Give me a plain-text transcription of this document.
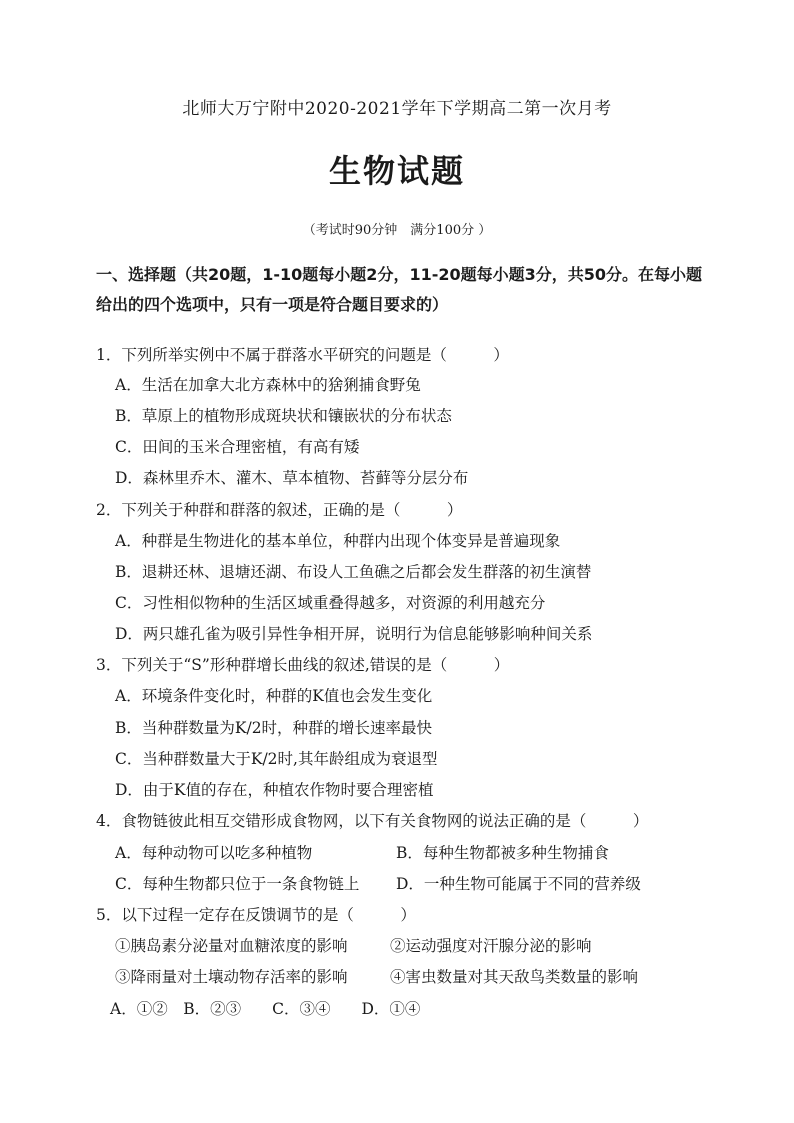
北师大万宁附中2020-2021学年下学期高二第一次月考
生物试题
（考试时90分钟　满分100分 ）
一、选择题（共20题，1-10题每小题2分，11-20题每小题3分，共50分。在每小题
给出的四个选项中，只有一项是符合题目要求的）
1．下列所举实例中不属于群落水平研究的问题是（　　　）
A．生活在加拿大北方森林中的猞猁捕食野兔
B．草原上的植物形成斑块状和镶嵌状的分布状态
C．田间的玉米合理密植，有高有矮
D．森林里乔木、灌木、草本植物、苔藓等分层分布
2．下列关于种群和群落的叙述，正确的是（　　　）
A．种群是生物进化的基本单位，种群内出现个体变异是普遍现象
B．退耕还林、退塘还湖、布设人工鱼礁之后都会发生群落的初生演替
C．习性相似物种的生活区域重叠得越多，对资源的利用越充分
D．两只雄孔雀为吸引异性争相开屏，说明行为信息能够影响种间关系
3．下列关于“S”形种群增长曲线的叙述,错误的是（　　　）
A．环境条件变化时，种群的K值也会发生变化
B．当种群数量为K/2时，种群的增长速率最快
C．当种群数量大于K/2时,其年龄组成为衰退型
D．由于K值的存在，种植农作物时要合理密植
4．食物链彼此相互交错形成食物网，以下有关食物网的说法正确的是（　　　）
A．每种动物可以吃多种植物	B．每种生物都被多种生物捕食
C．每种生物都只位于一条食物链上 D．一种生物可能属于不同的营养级
5．以下过程一定存在反馈调节的是（　　　）
①胰岛素分泌量对血糖浓度的影响	②运动强度对汗腺分泌的影响
③降雨量对土壤动物存活率的影响	④害虫数量对其天敌鸟类数量的影响
A．①②　B．②③　　C．③④　　D．①④
